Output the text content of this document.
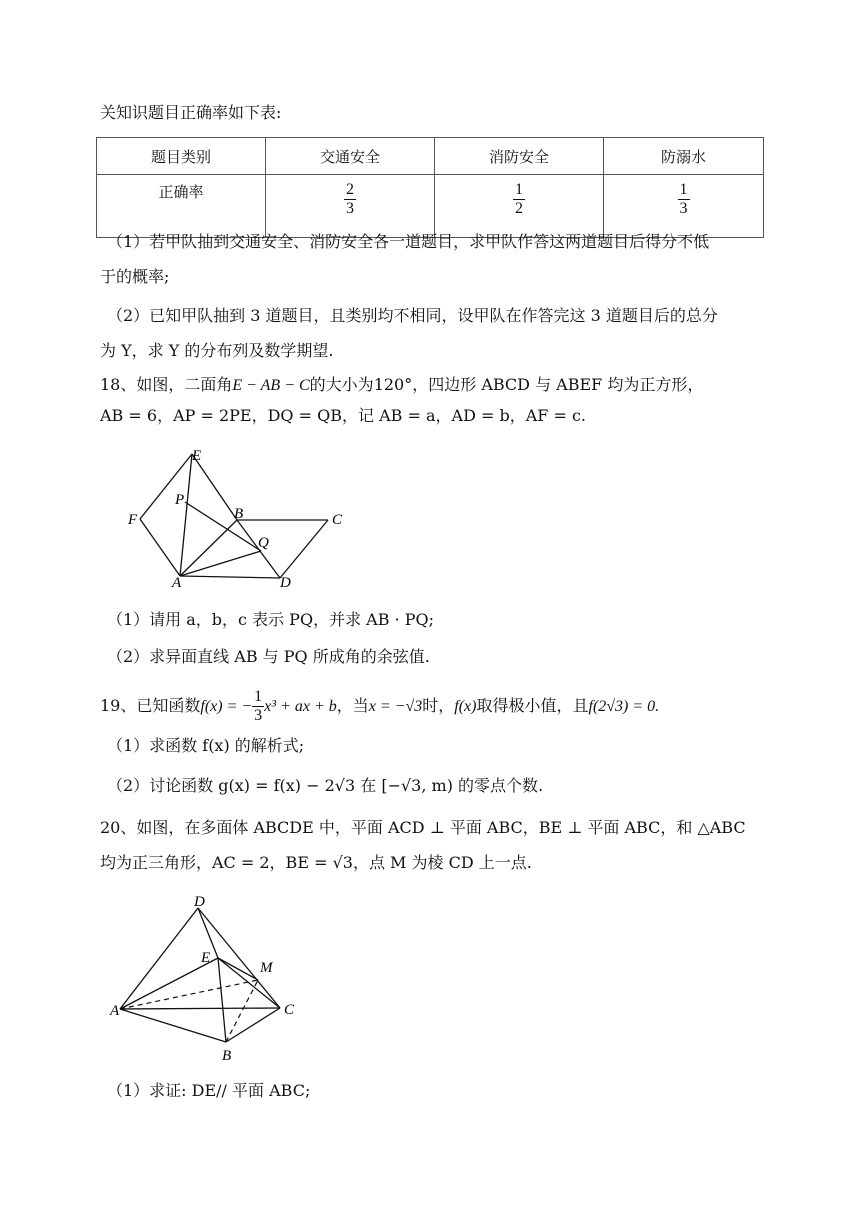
关知识题目正确率如下表:
题目类别	交通安全	消防安全	防溺水
正确率	$\frac{2}{3}$	$\frac{1}{2}$	$\frac{1}{3}$
（1）若甲队抽到交通安全、消防安全各一道题目，求甲队作答这两道题目后得分不低
于的概率;
（2）已知甲队抽到 3 道题目，且类别均不相同，设甲队在作答完这 3 道题目后的总分
为 Y，求 Y 的分布列及数学期望.
18、如图，二面角E − AB − C的大小为120°，四边形 ABCD 与 ABEF 均为正方形，
AB = 6，AP = 2PE，DQ = QB，记 AB = a，AD = b，AF = c.
E
P
F	B	C
Q
A	D
（1）请用 a，b，c 表示 PQ，并求 AB · PQ;
（2）求异面直线 AB 与 PQ 所成角的余弦值.
19、已知函数f(x) = − $\frac{1}{3} x^3$ + ax + b，当x = −√3时，f(x)取得极小值，且f(2√3) = 0.
（1）求函数 f(x) 的解析式;
（2）讨论函数 g(x) = f(x) − 2√3 在 [−√3, m) 的零点个数.
20、如图，在多面体 ABCDE 中，平面 ACD ⊥ 平面 ABC，BE ⊥ 平面 ABC，和 △ABC
均为正三角形，AC = 2，BE = √3，点 M 为棱 CD 上一点.
D
E
M
A	C
B
（1）求证: DE// 平面 ABC;
